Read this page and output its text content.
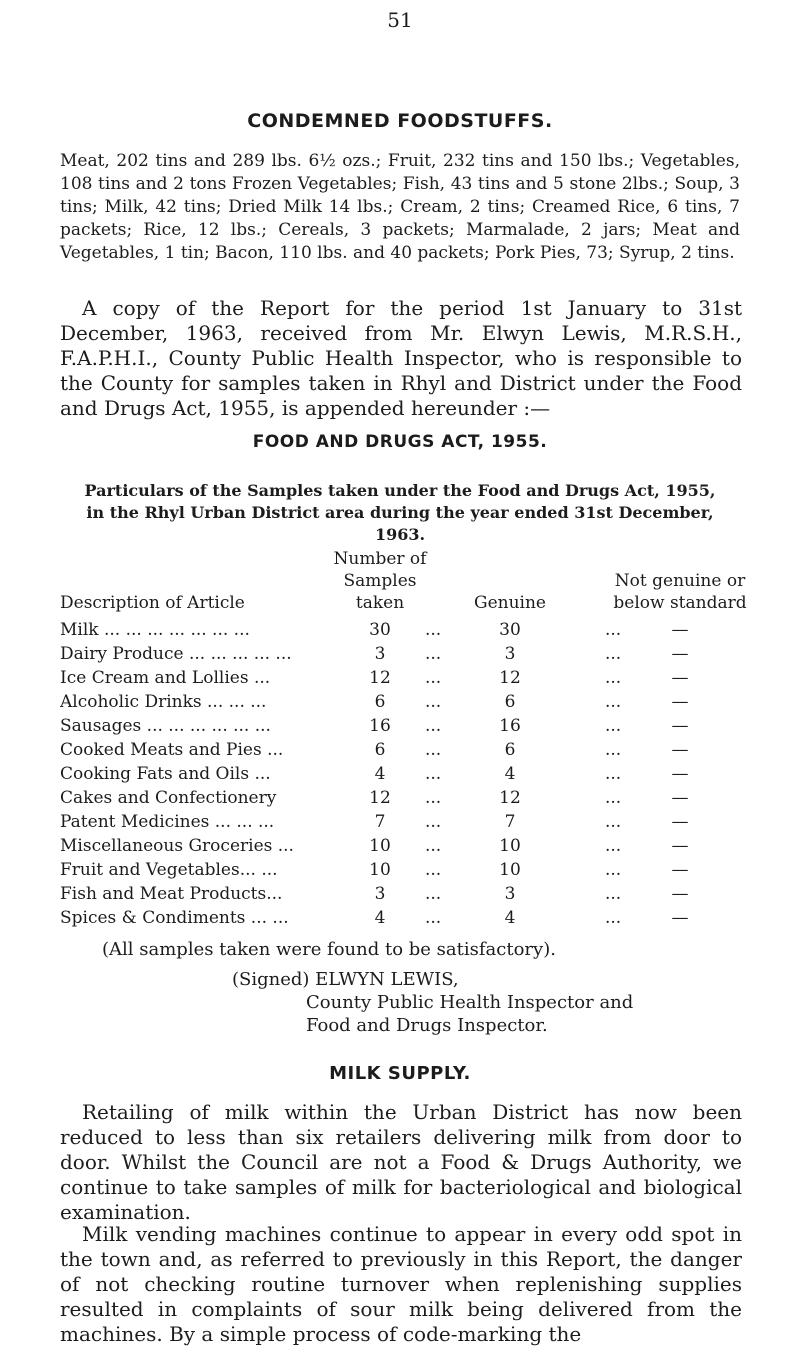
51
CONDEMNED FOODSTUFFS.

Meat, 202 tins and 289 lbs. 6½ ozs.; Fruit, 232 tins and 150 lbs.; Vegetables, 108 tins and 2 tons Frozen Vegetables; Fish, 43 tins and 5 stone 2lbs.; Soup, 3 tins; Milk, 42 tins; Dried Milk 14 lbs.; Cream, 2 tins; Creamed Rice, 6 tins, 7 packets; Rice, 12 lbs.; Cereals, 3 packets; Marmalade, 2 jars; Meat and Vegetables, 1 tin; Bacon, 110 lbs. and 40 packets; Pork Pies, 73; Syrup, 2 tins.

A copy of the Report for the period 1st January to 31st December, 1963, received from Mr. Elwyn Lewis, M.R.S.H., F.A.P.H.I., County Public Health Inspector, who is responsible to the County for samples taken in Rhyl and District under the Food and Drugs Act, 1955, is appended hereunder :—

FOOD AND DRUGS ACT, 1955.
Particulars of the Samples taken under the Food and Drugs Act, 1955,
in the Rhyl Urban District area during the year ended 31st December,
1963.
Description of Article
Number of
Samples
taken	Genuine
Not genuine or
below standard
Milk ... ... ... ... ... ... ...	30	...	30	...	—
Dairy Produce ... ... ... ... ...	3	...	3	...	—
Ice Cream and Lollies ...	12	...	12	...	—
Alcoholic Drinks ... ... ...	6	...	6	...	—
Sausages ... ... ... ... ... ...	16	...	16	...	—
Cooked Meats and Pies ...	6	...	6	...	—
Cooking Fats and Oils ...	4	...	4	...	—
Cakes and Confectionery	12	...	12	...	—
Patent Medicines ... ... ...	7	...	7	...	—
Miscellaneous Groceries ...	10	...	10	...	—
Fruit and Vegetables... ...	10	...	10	...	—
Fish and Meat Products...	3	...	3	...	—
Spices & Condiments ... ...	4	...	4	...	—
(All samples taken were found to be satisfactory).
(Signed) ELWYN LEWIS,
County Public Health Inspector and
Food and Drugs Inspector.
MILK SUPPLY.

Retailing of milk within the Urban District has now been reduced to less than six retailers delivering milk from door to door. Whilst the Council are not a Food & Drugs Authority, we continue to take samples of milk for bacteriological and biological examination.

Milk vending machines continue to appear in every odd spot in the town and, as referred to previously in this Report, the danger of not checking routine turnover when replenishing supplies resulted in complaints of sour milk being delivered from the machines. By a simple process of code-marking the
